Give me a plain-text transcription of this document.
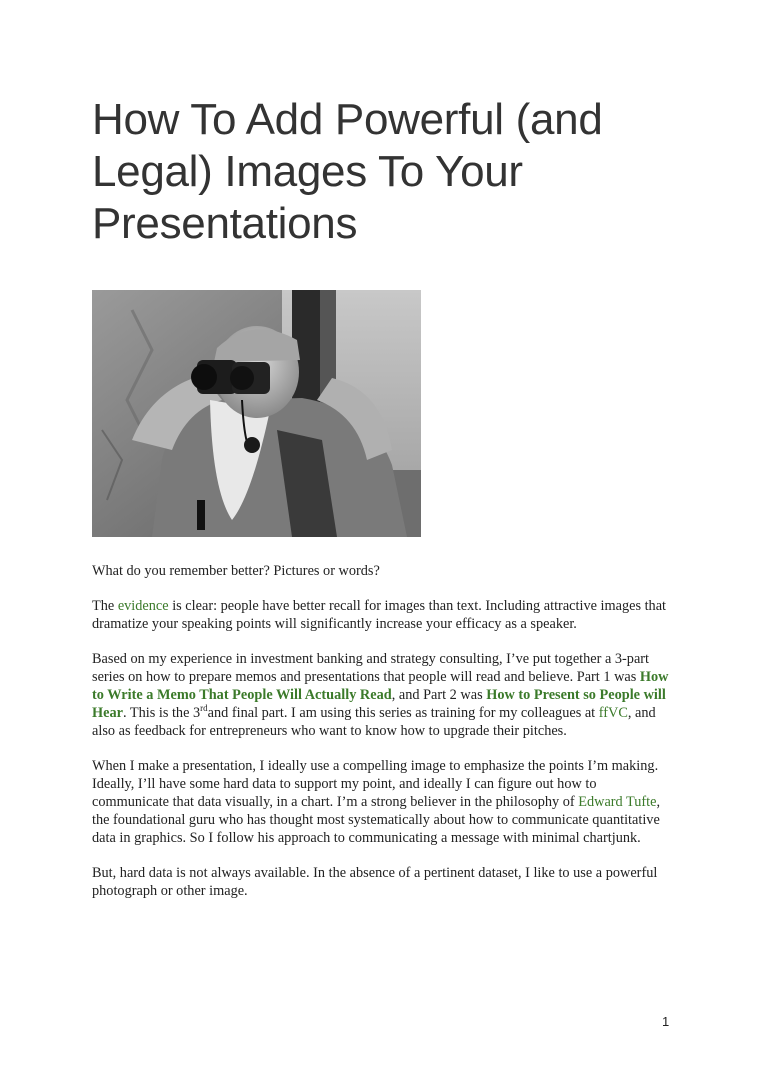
How To Add Powerful (and Legal) Images To Your Presentations

What do you remember better? Pictures or words?

The evidence is clear: people have better recall for images than text. Including attractive images that dramatize your speaking points will significantly increase your efficacy as a speaker.

Based on my experience in investment banking and strategy consulting, I’ve put together a 3-part series on how to prepare memos and presentations that people will read and believe. Part 1 was How to Write a Memo That People Will Actually Read, and Part 2 was How to Present so People will Hear. This is the 3rdand final part. I am using this series as training for my colleagues at ffVC, and also as feedback for entrepreneurs who want to know how to upgrade their pitches.

When I make a presentation, I ideally use a compelling image to emphasize the points I’m making. Ideally, I’ll have some hard data to support my point, and ideally I can figure out how to communicate that data visually, in a chart. I’m a strong believer in the philosophy of Edward Tufte, the foundational guru who has thought most systematically about how to communicate quantitative data in graphics. So I follow his approach to communicating a message with minimal chartjunk.

But, hard data is not always available. In the absence of a pertinent dataset, I like to use a powerful photograph or other image.

1
